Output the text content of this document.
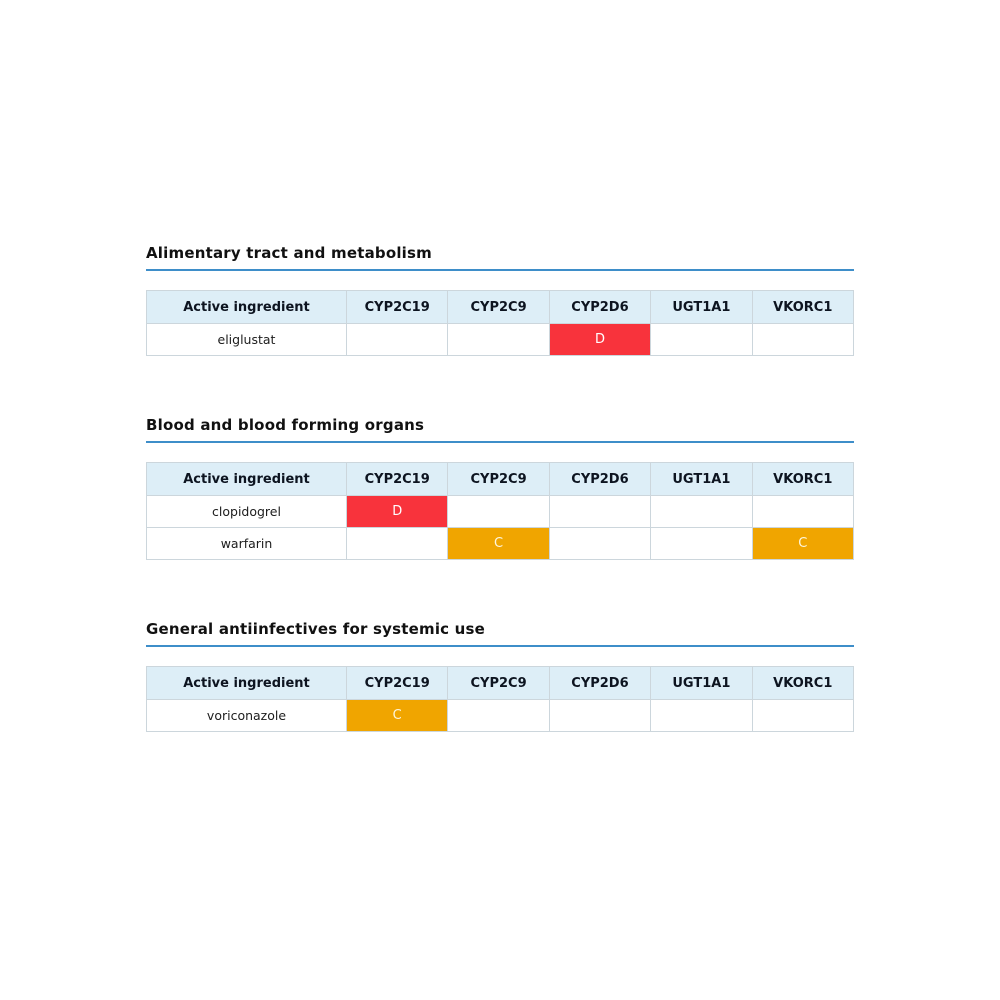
Alimentary tract and metabolism
Active ingredient	CYP2C19	CYP2C9	CYP2D6	UGT1A1	VKORC1
eliglustat			D		
Blood and blood forming organs
Active ingredient	CYP2C19	CYP2C9	CYP2D6	UGT1A1	VKORC1
clopidogrel	D				
warfarin		C			C
General antiinfectives for systemic use
Active ingredient	CYP2C19	CYP2C9	CYP2D6	UGT1A1	VKORC1
voriconazole	C				
